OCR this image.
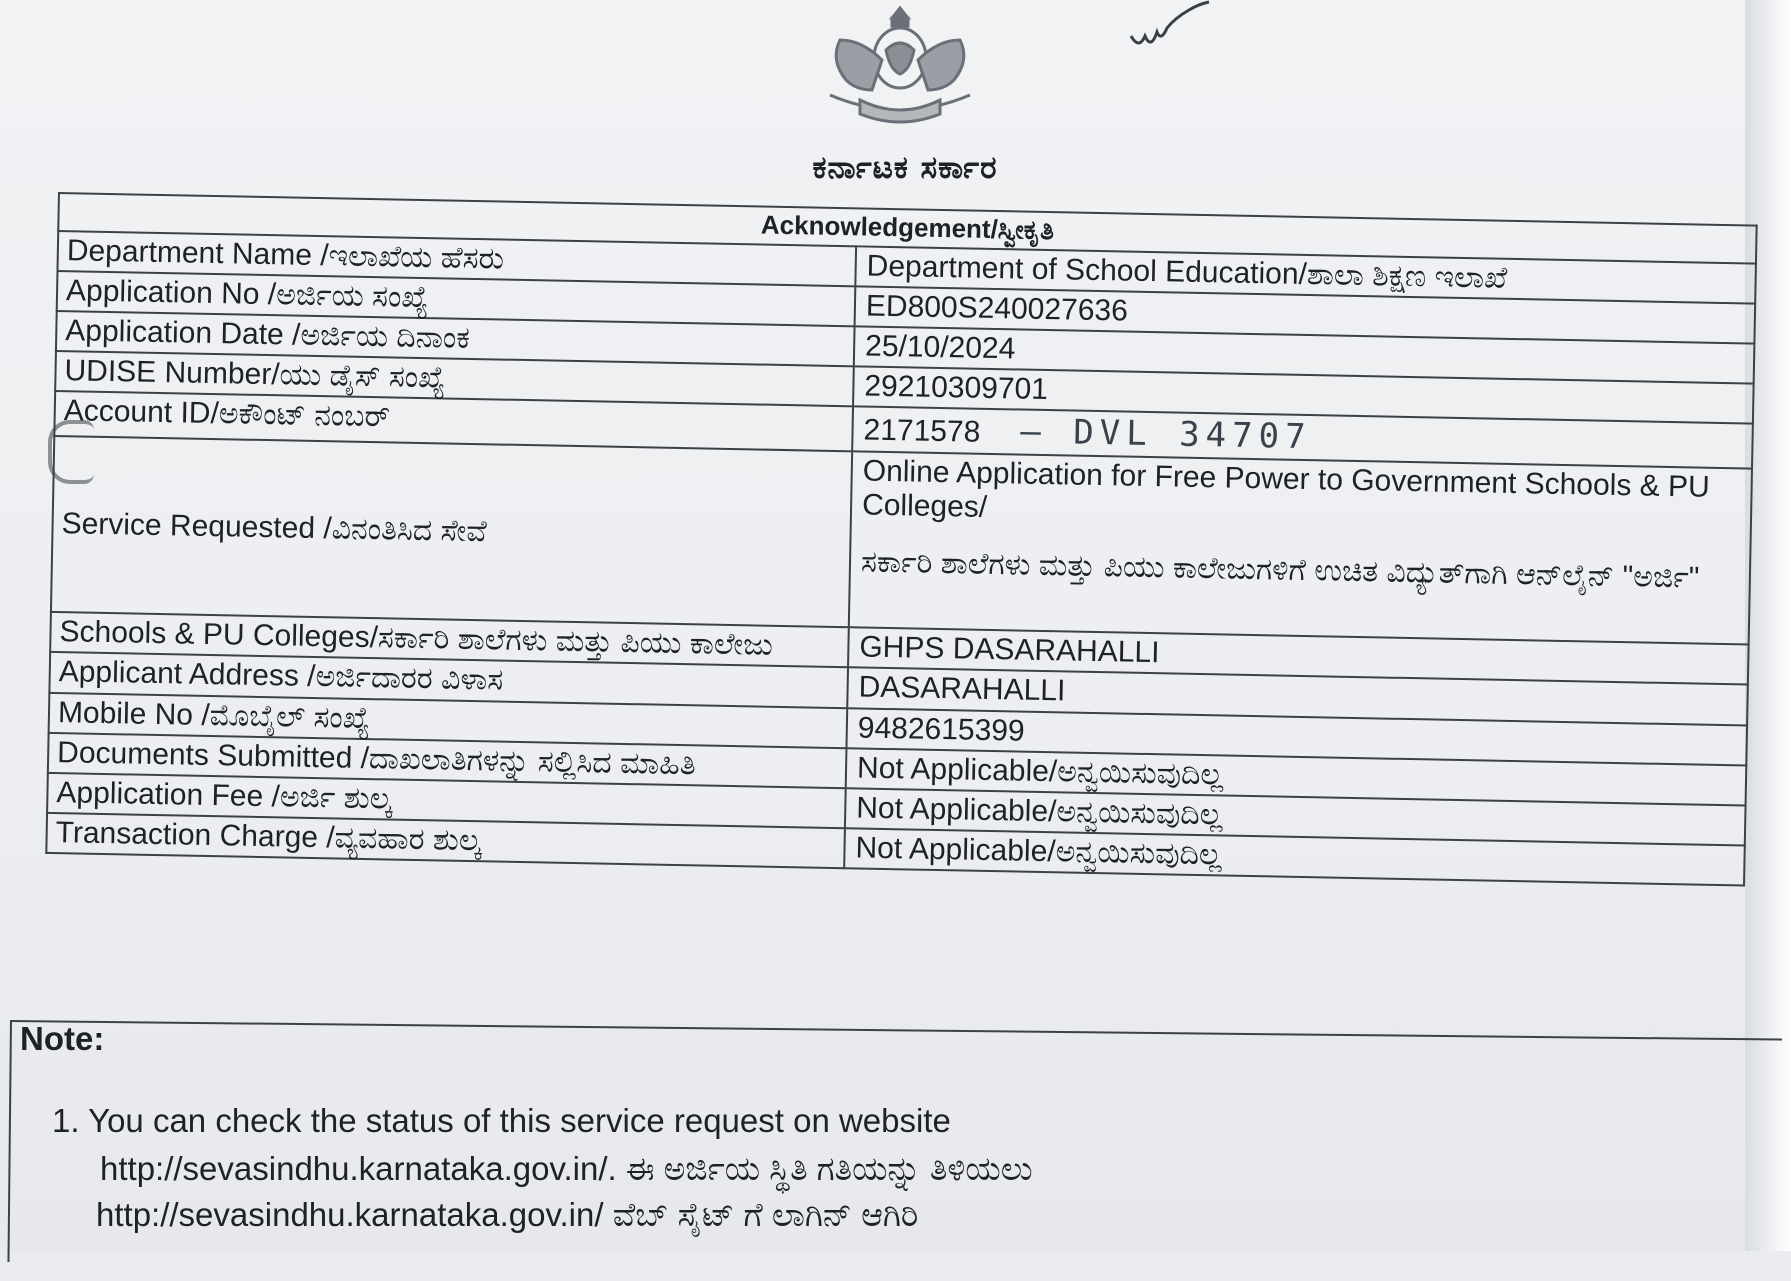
ಕರ್ನಾಟಕ ಸರ್ಕಾರ
Acknowledgement/ಸ್ವೀಕೃತಿ	
Department Name /ಇಲಾಖೆಯ ಹೆಸರು	Department of School Education/ಶಾಲಾ ಶಿಕ್ಷಣ ಇಲಾಖೆ
Application No /ಅರ್ಜಿಯ ಸಂಖ್ಯೆ	ED800S240027636
Application Date /ಅರ್ಜಿಯ ದಿನಾಂಕ	25/10/2024
UDISE Number/ಯು ಡೈಸ್ ಸಂಖ್ಯೆ	29210309701
Account ID/ಅಕೌಂಟ್ ನಂಬರ್	2171578 — DVL 34707
Service Requested /ವಿನಂತಿಸಿದ ಸೇವೆ	Online Application for Free Power to Government Schools & PU Colleges/
ಸರ್ಕಾರಿ ಶಾಲೆಗಳು ಮತ್ತು ಪಿಯು ಕಾಲೇಜುಗಳಿಗೆ ಉಚಿತ ವಿದ್ಯುತ್‌ಗಾಗಿ ಆನ್‌ಲೈನ್ "ಅರ್ಜಿ"

Schools & PU Colleges/ಸರ್ಕಾರಿ ಶಾಲೆಗಳು ಮತ್ತು ಪಿಯು ಕಾಲೇಜು	GHPS DASARAHALLI
Applicant Address /ಅರ್ಜಿದಾರರ ವಿಳಾಸ	DASARAHALLI
Mobile No /ಮೊಬೈಲ್ ಸಂಖ್ಯೆ	9482615399
Documents Submitted /ದಾಖಲಾತಿಗಳನ್ನು ಸಲ್ಲಿಸಿದ ಮಾಹಿತಿ	Not Applicable/ಅನ್ವಯಿಸುವುದಿಲ್ಲ
Application Fee /ಅರ್ಜಿ ಶುಲ್ಕ	Not Applicable/ಅನ್ವಯಿಸುವುದಿಲ್ಲ
Transaction Charge /ವ್ಯವಹಾರ ಶುಲ್ಕ	Not Applicable/ಅನ್ವಯಿಸುವುದಿಲ್ಲ
Note:
1. You can check the status of this service request on website
http://sevasindhu.karnataka.gov.in/. ಈ ಅರ್ಜಿಯ ಸ್ಥಿತಿ ಗತಿಯನ್ನು ತಿಳಿಯಲು
http://sevasindhu.karnataka.gov.in/ ವೆಬ್ ಸೈಟ್ ಗೆ ಲಾಗಿನ್ ಆಗಿರಿ
